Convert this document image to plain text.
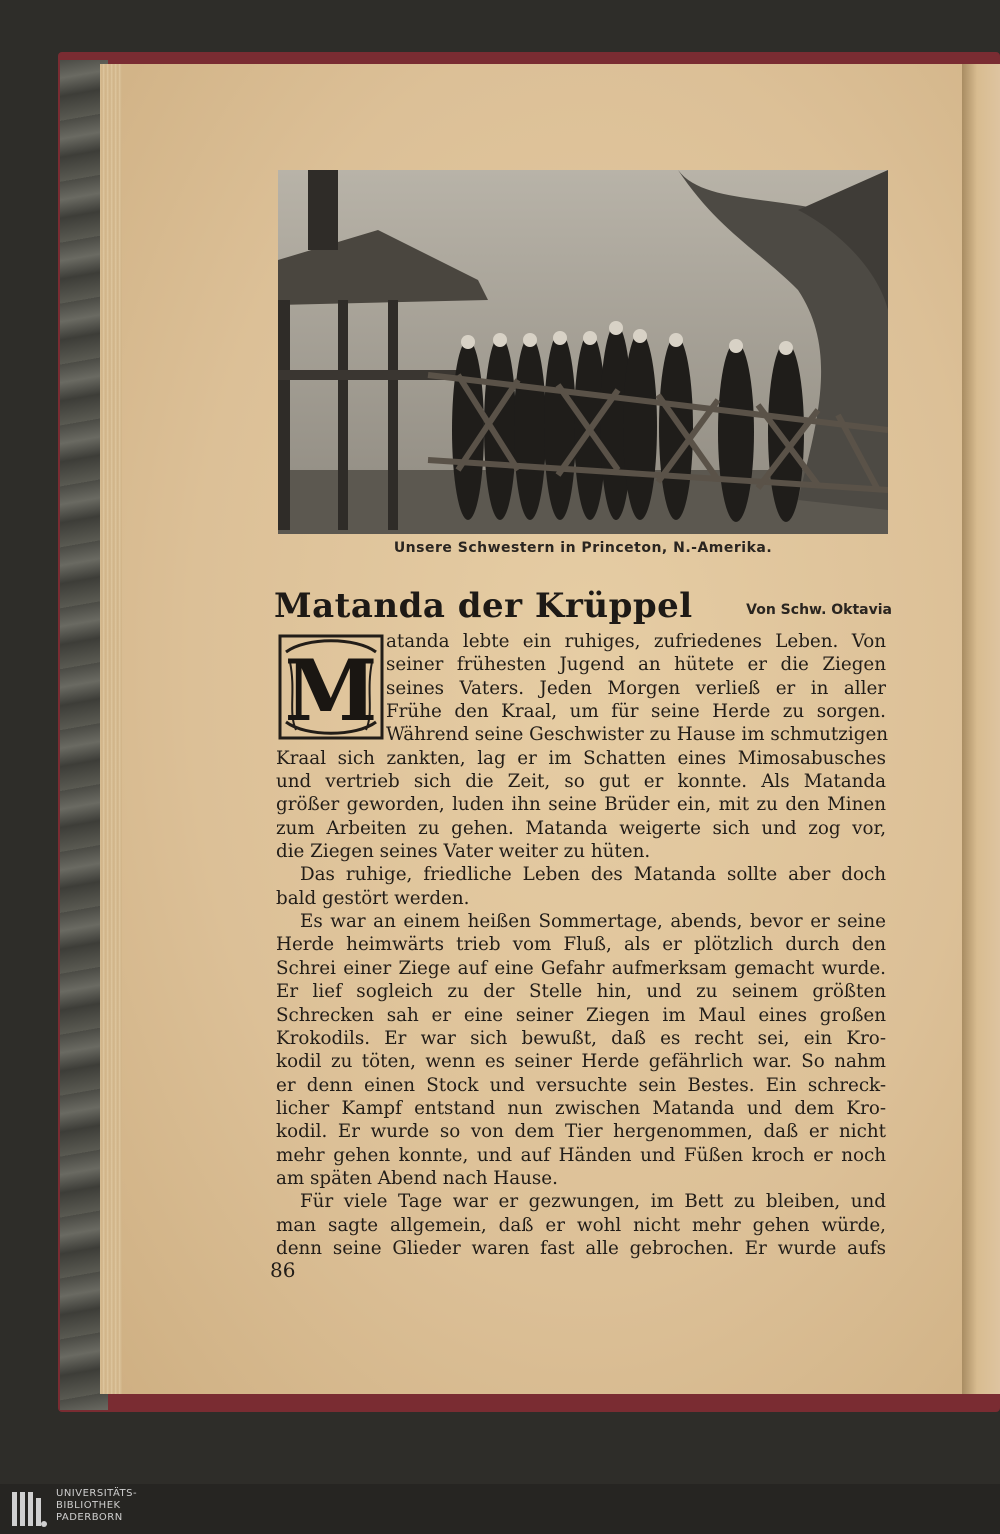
Unsere Schwestern in Princeton, N.-Amerika.
Matanda der Krüppel	Von Schw. Oktavia
M atanda lebte ein ruhiges, zufriedenes Leben. Von
seiner frühesten Jugend an hütete er die Ziegen
seines Vaters. Jeden Morgen verließ er in aller
Frühe den Kraal, um für seine Herde zu sorgen.
Während seine Geschwister zu Hause im schmutzigen
Kraal sich zankten, lag er im Schatten eines Mimosabusches
und vertrieb sich die Zeit, so gut er konnte. Als Matanda
größer geworden, luden ihn seine Brüder ein, mit zu den Minen
zum Arbeiten zu gehen. Matanda weigerte sich und zog vor,
die Ziegen seines Vater weiter zu hüten.
Das ruhige, friedliche Leben des Matanda sollte aber doch
bald gestört werden.
Es war an einem heißen Sommertage, abends, bevor er seine
Herde heimwärts trieb vom Fluß, als er plötzlich durch den
Schrei einer Ziege auf eine Gefahr aufmerksam gemacht wurde.
Er lief sogleich zu der Stelle hin, und zu seinem größten
Schrecken sah er eine seiner Ziegen im Maul eines großen
Krokodils. Er war sich bewußt, daß es recht sei, ein Kro-
kodil zu töten, wenn es seiner Herde gefährlich war. So nahm
er denn einen Stock und versuchte sein Bestes. Ein schreck-
licher Kampf entstand nun zwischen Matanda und dem Kro-
kodil. Er wurde so von dem Tier hergenommen, daß er nicht
mehr gehen konnte, und auf Händen und Füßen kroch er noch
am späten Abend nach Hause.
Für viele Tage war er gezwungen, im Bett zu bleiben, und
man sagte allgemein, daß er wohl nicht mehr gehen würde,
denn seine Glieder waren fast alle gebrochen. Er wurde aufs
86
UNIVERSITÄTS-
BIBLIOTHEK
PADERBORN
